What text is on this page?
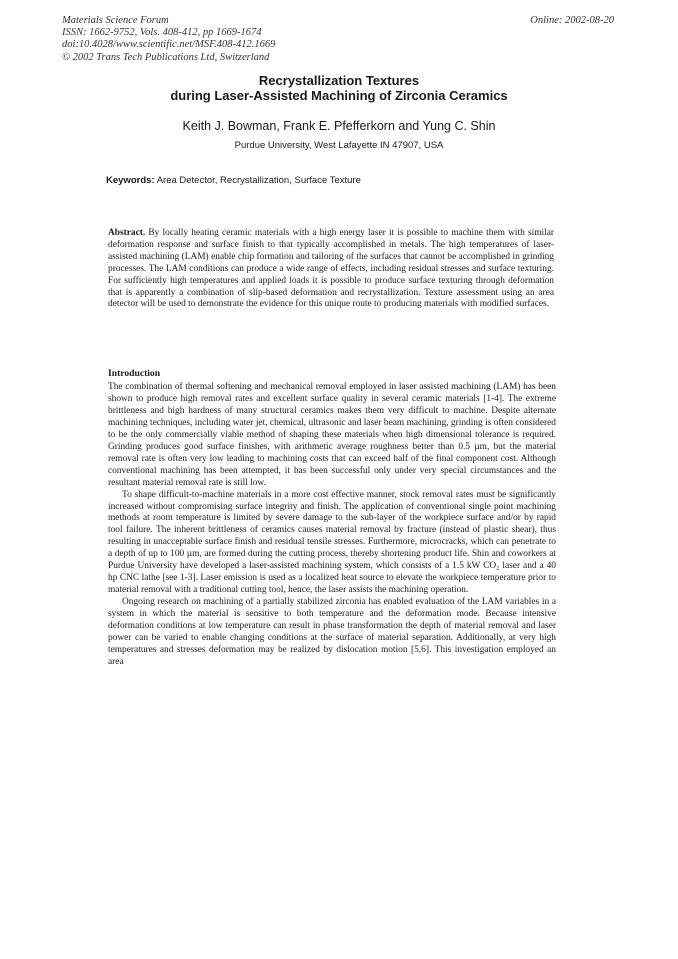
Materials Science Forum
ISSN: 1662-9752, Vols. 408-412, pp 1669-1674
doi:10.4028/www.scientific.net/MSF.408-412.1669
© 2002 Trans Tech Publications Ltd, Switzerland
Online: 2002-08-20
Recrystallization Textures
during Laser-Assisted Machining of Zirconia Ceramics
Keith J. Bowman, Frank E. Pfefferkorn and Yung C. Shin
Purdue University, West Lafayette IN 47907, USA
Keywords: Area Detector, Recrystallization, Surface Texture
Abstract. By locally heating ceramic materials with a high energy laser it is possible to machine them with similar deformation response and surface finish to that typically accomplished in metals. The high temperatures of laser-assisted machining (LAM) enable chip formation and tailoring of the surfaces that cannot be accomplished in grinding processes. The LAM conditions can produce a wide range of effects, including residual stresses and surface texturing. For sufficiently high temperatures and applied loads it is possible to produce surface texturing through deformation that is apparently a combination of slip-based deformation and recrystallization. Texture assessment using an area detector will be used to demonstrate the evidence for this unique route to producing materials with modified surfaces.
Introduction

The combination of thermal softening and mechanical removal employed in laser assisted machining (LAM) has been shown to produce high removal rates and excellent surface quality in several ceramic materials [1-4]. The extreme brittleness and high hardness of many structural ceramics makes them very difficult to machine. Despite alternate machining techniques, including water jet, chemical, ultrasonic and laser beam machining, grinding is often considered to be the only commercially viable method of shaping these materials when high dimensional tolerance is required. Grinding produces good surface finishes, with arithmetic average roughness better than 0.5 µm, but the material removal rate is often very low leading to machining costs that can exceed half of the final component cost. Although conventional machining has been attempted, it has been successful only under very special circumstances and the resultant material removal rate is still low.

To shape difficult-to-machine materials in a more cost effective manner, stock removal rates must be significantly increased without compromising surface integrity and finish. The application of conventional single point machining methods at room temperature is limited by severe damage to the sub-layer of the workpiece surface and/or by rapid tool failure. The inherent brittleness of ceramics causes material removal by fracture (instead of plastic shear), thus resulting in unacceptable surface finish and residual tensile stresses. Furthermore, microcracks, which can penetrate to a depth of up to 100 µm, are formed during the cutting process, thereby shortening product life. Shin and coworkers at Purdue University have developed a laser-assisted machining system, which consists of a 1.5 kW CO₂ laser and a 40 hp CNC lathe [see 1-3]. Laser emission is used as a localized heat source to elevate the workpiece temperature prior to material removal with a traditional cutting tool, hence, the laser assists the machining operation.

Ongoing research on machining of a partially stabilized zirconia has enabled evaluation of the LAM variables in a system in which the material is sensitive to both temperature and the deformation mode. Because intensive deformation conditions at low temperature can result in phase transformation the depth of material removal and laser power can be varied to enable changing conditions at the surface of material separation. Additionally, at very high temperatures and stresses deformation may be realized by dislocation motion [5,6]. This investigation employed an area
